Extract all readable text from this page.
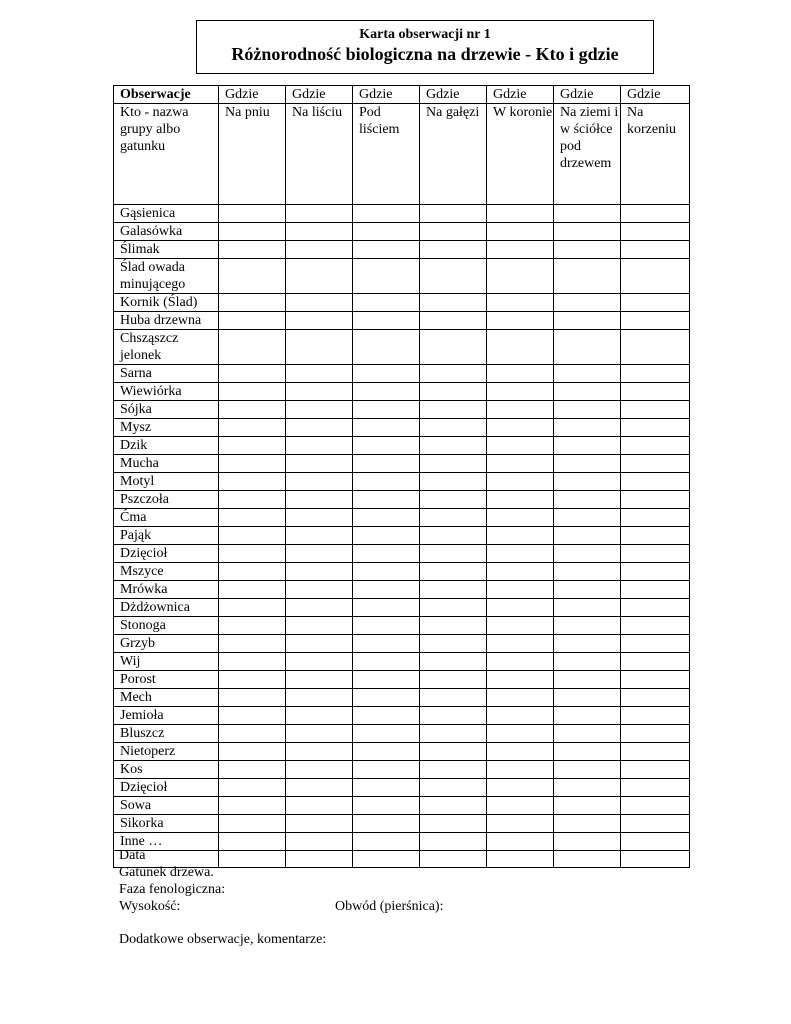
Karta obserwacji nr 1
Różnorodność biologiczna na drzewie - Kto i gdzie
Obserwacje	Gdzie	Gdzie	Gdzie	Gdzie	Gdzie	Gdzie	Gdzie
Kto - nazwa grupy albo gatunku	Na pniu	Na liściu	Pod liściem	Na gałęzi	W koronie	Na ziemi i w ściółce pod drzewem	Na korzeniu
Gąsienica							
Galasówka							
Ślimak							
Ślad owada minującego							
Kornik (Ślad)							
Huba drzewna							
Chsząszcz jelonek							
Sarna							
Wiewiórka							
Sójka							
Mysz							
Dzik							
Mucha							
Motyl							
Pszczoła							
Ćma							
Pająk							
Dzięcioł							
Mszyce							
Mrówka							
Dżdżownica							
Stonoga							
Grzyb							
Wij							
Porost							
Mech							
Jemioła							
Bluszcz							
Nietoperz							
Kos							
Dzięcioł							
Sowa							
Sikorka							
Inne …							

Data
Gatunek drzewa.
Faza fenologiczna:
Wysokość:	Obwód (pierśnica):
Dodatkowe obserwacje, komentarze:
